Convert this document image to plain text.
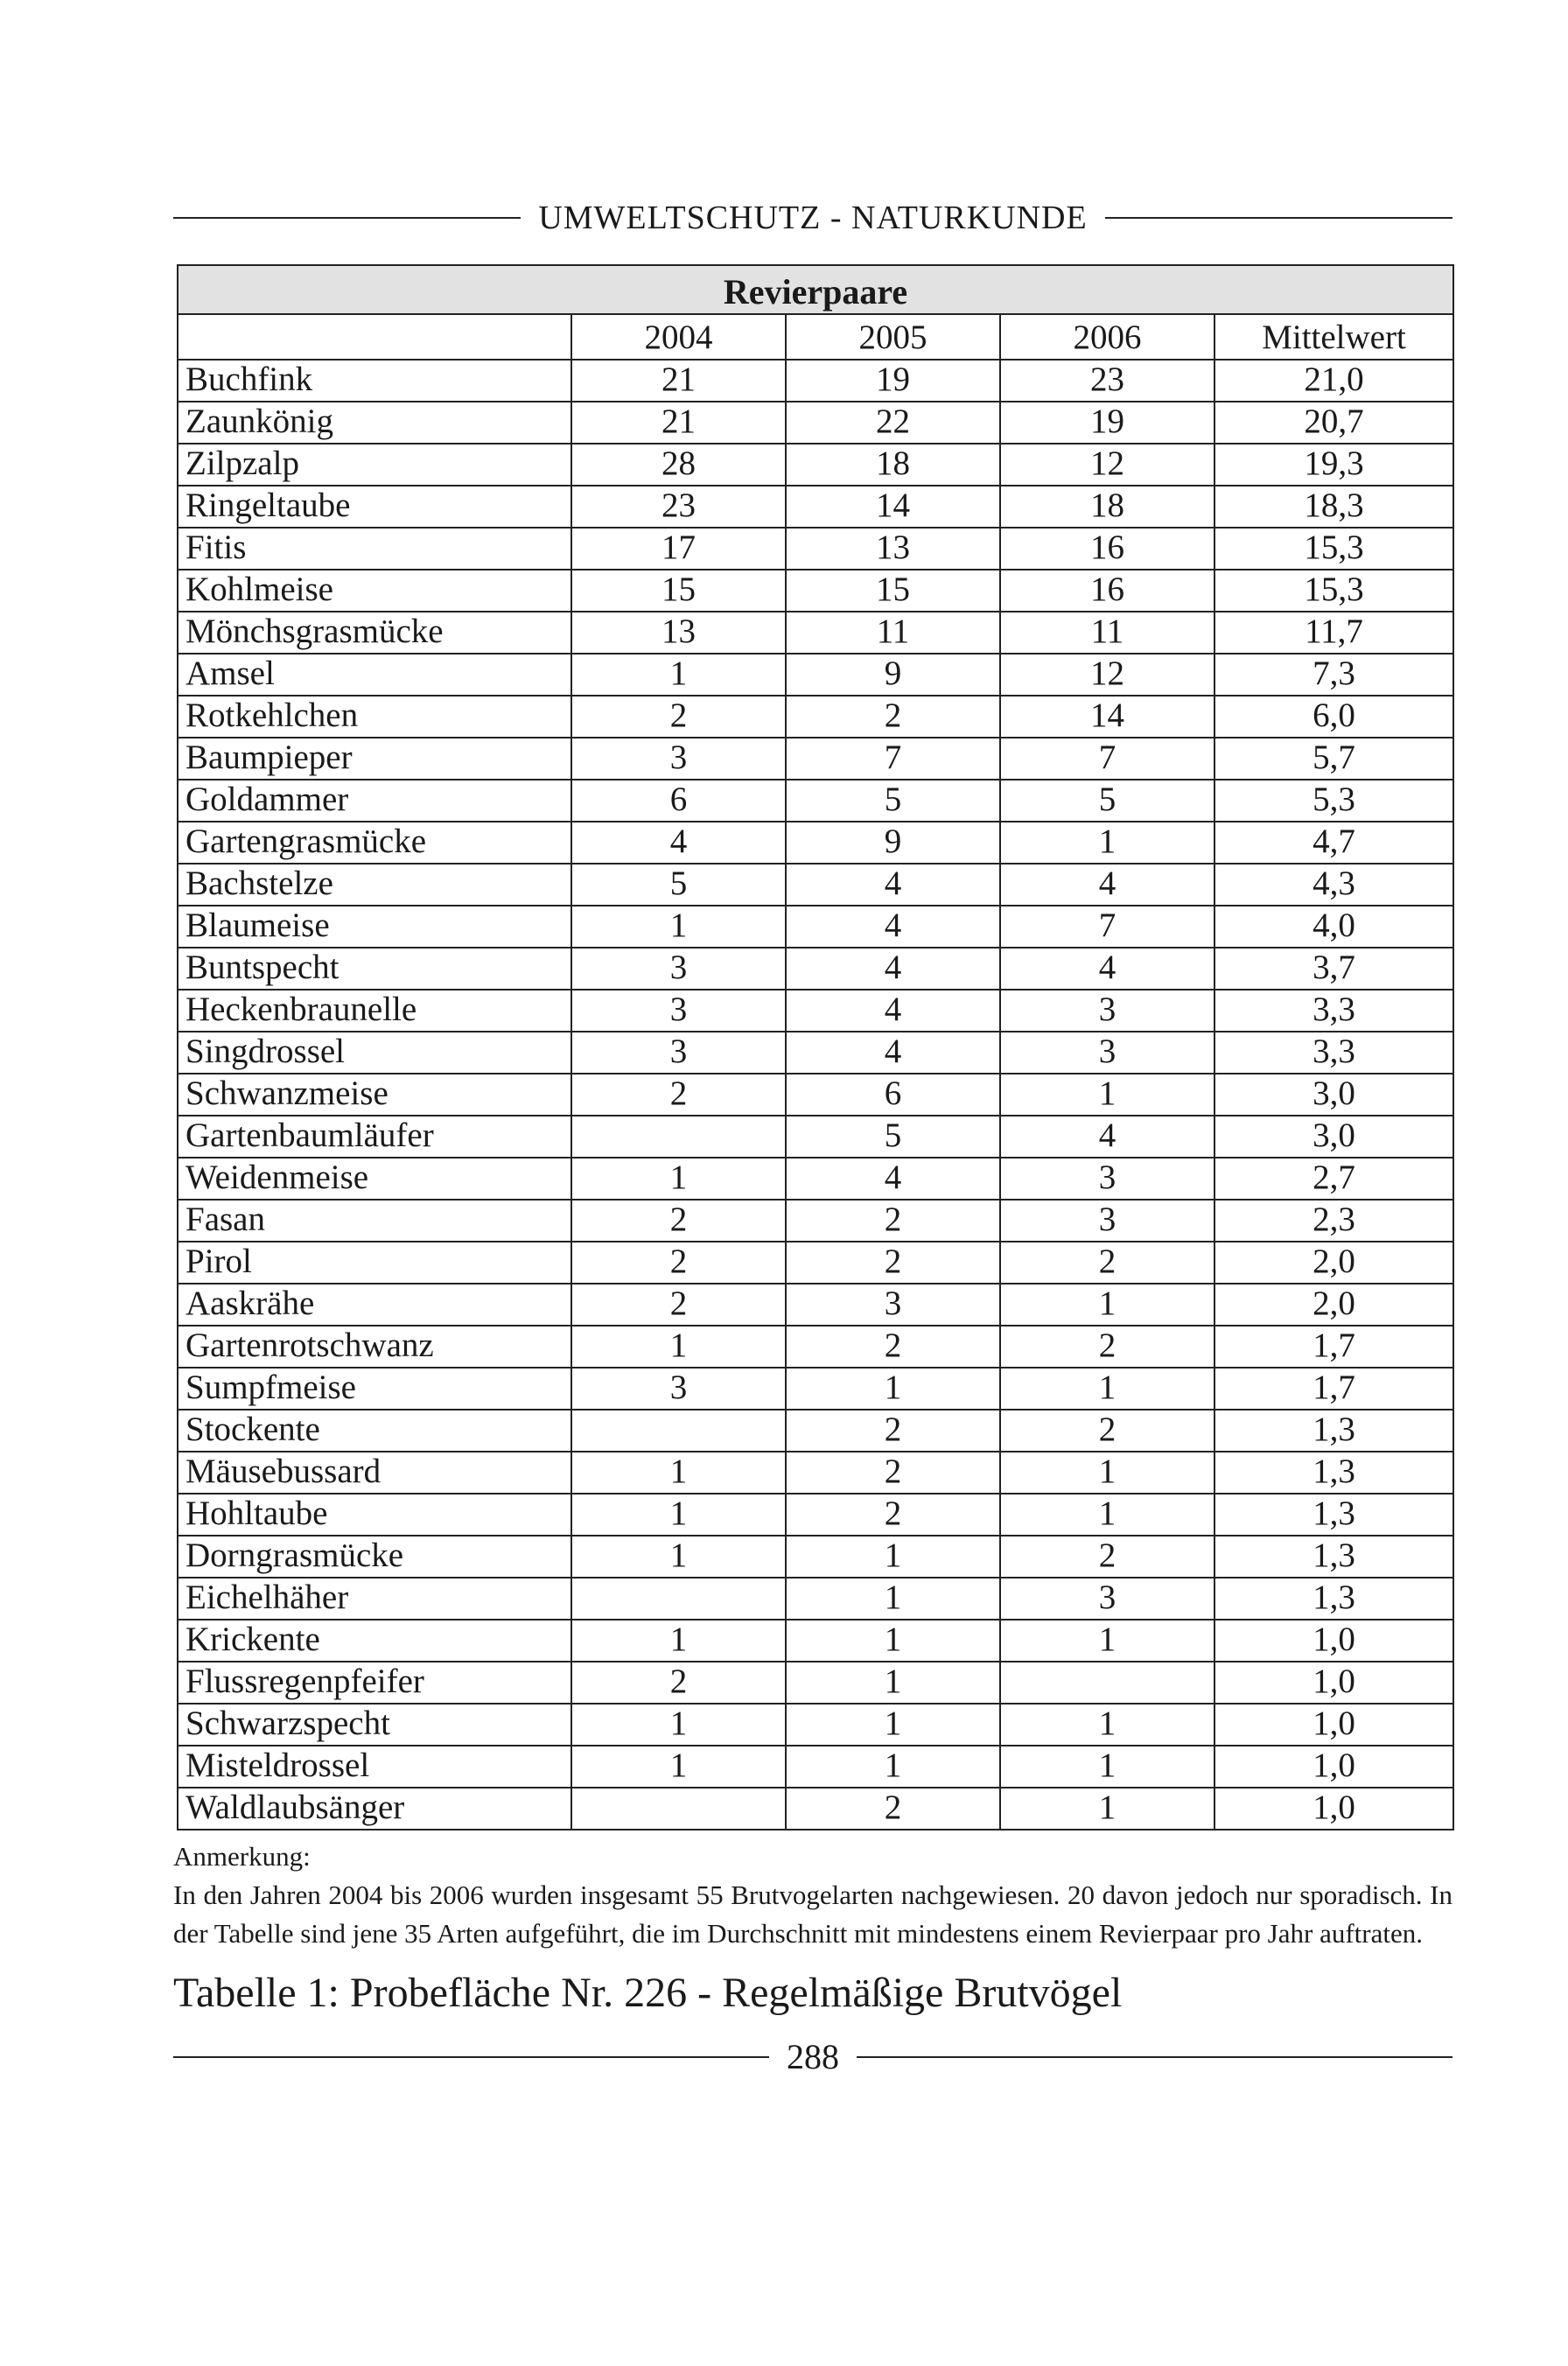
UMWELTSCHUTZ - NATURKUNDE
Revierpaare				
	2004	2005	2006	Mittelwert
Buchfink	21	19	23	21,0
Zaunkönig	21	22	19	20,7
Zilpzalp	28	18	12	19,3
Ringeltaube	23	14	18	18,3
Fitis	17	13	16	15,3
Kohlmeise	15	15	16	15,3
Mönchsgrasmücke	13	11	11	11,7
Amsel	1	9	12	7,3
Rotkehlchen	2	2	14	6,0
Baumpieper	3	7	7	5,7
Goldammer	6	5	5	5,3
Gartengrasmücke	4	9	1	4,7
Bachstelze	5	4	4	4,3
Blaumeise	1	4	7	4,0
Buntspecht	3	4	4	3,7
Heckenbraunelle	3	4	3	3,3
Singdrossel	3	4	3	3,3
Schwanzmeise	2	6	1	3,0
Gartenbaumläufer		5	4	3,0
Weidenmeise	1	4	3	2,7
Fasan	2	2	3	2,3
Pirol	2	2	2	2,0
Aaskrähe	2	3	1	2,0
Gartenrotschwanz	1	2	2	1,7
Sumpfmeise	3	1	1	1,7
Stockente		2	2	1,3
Mäusebussard	1	2	1	1,3
Hohltaube	1	2	1	1,3
Dorngrasmücke	1	1	2	1,3
Eichelhäher		1	3	1,3
Krickente	1	1	1	1,0
Flussregenpfeifer	2	1		1,0
Schwarzspecht	1	1	1	1,0
Misteldrossel	1	1	1	1,0
Waldlaubsänger		2	1	1,0
Anmerkung:
In den Jahren 2004 bis 2006 wurden insgesamt 55 Brutvogelarten nachgewiesen. 20 davon jedoch nur sporadisch. In der Tabelle sind jene 35 Arten aufgeführt, die im Durchschnitt mit mindestens einem Revierpaar pro Jahr auftraten.
Tabelle 1: Probefläche Nr. 226 - Regelmäßige Brutvögel
288
